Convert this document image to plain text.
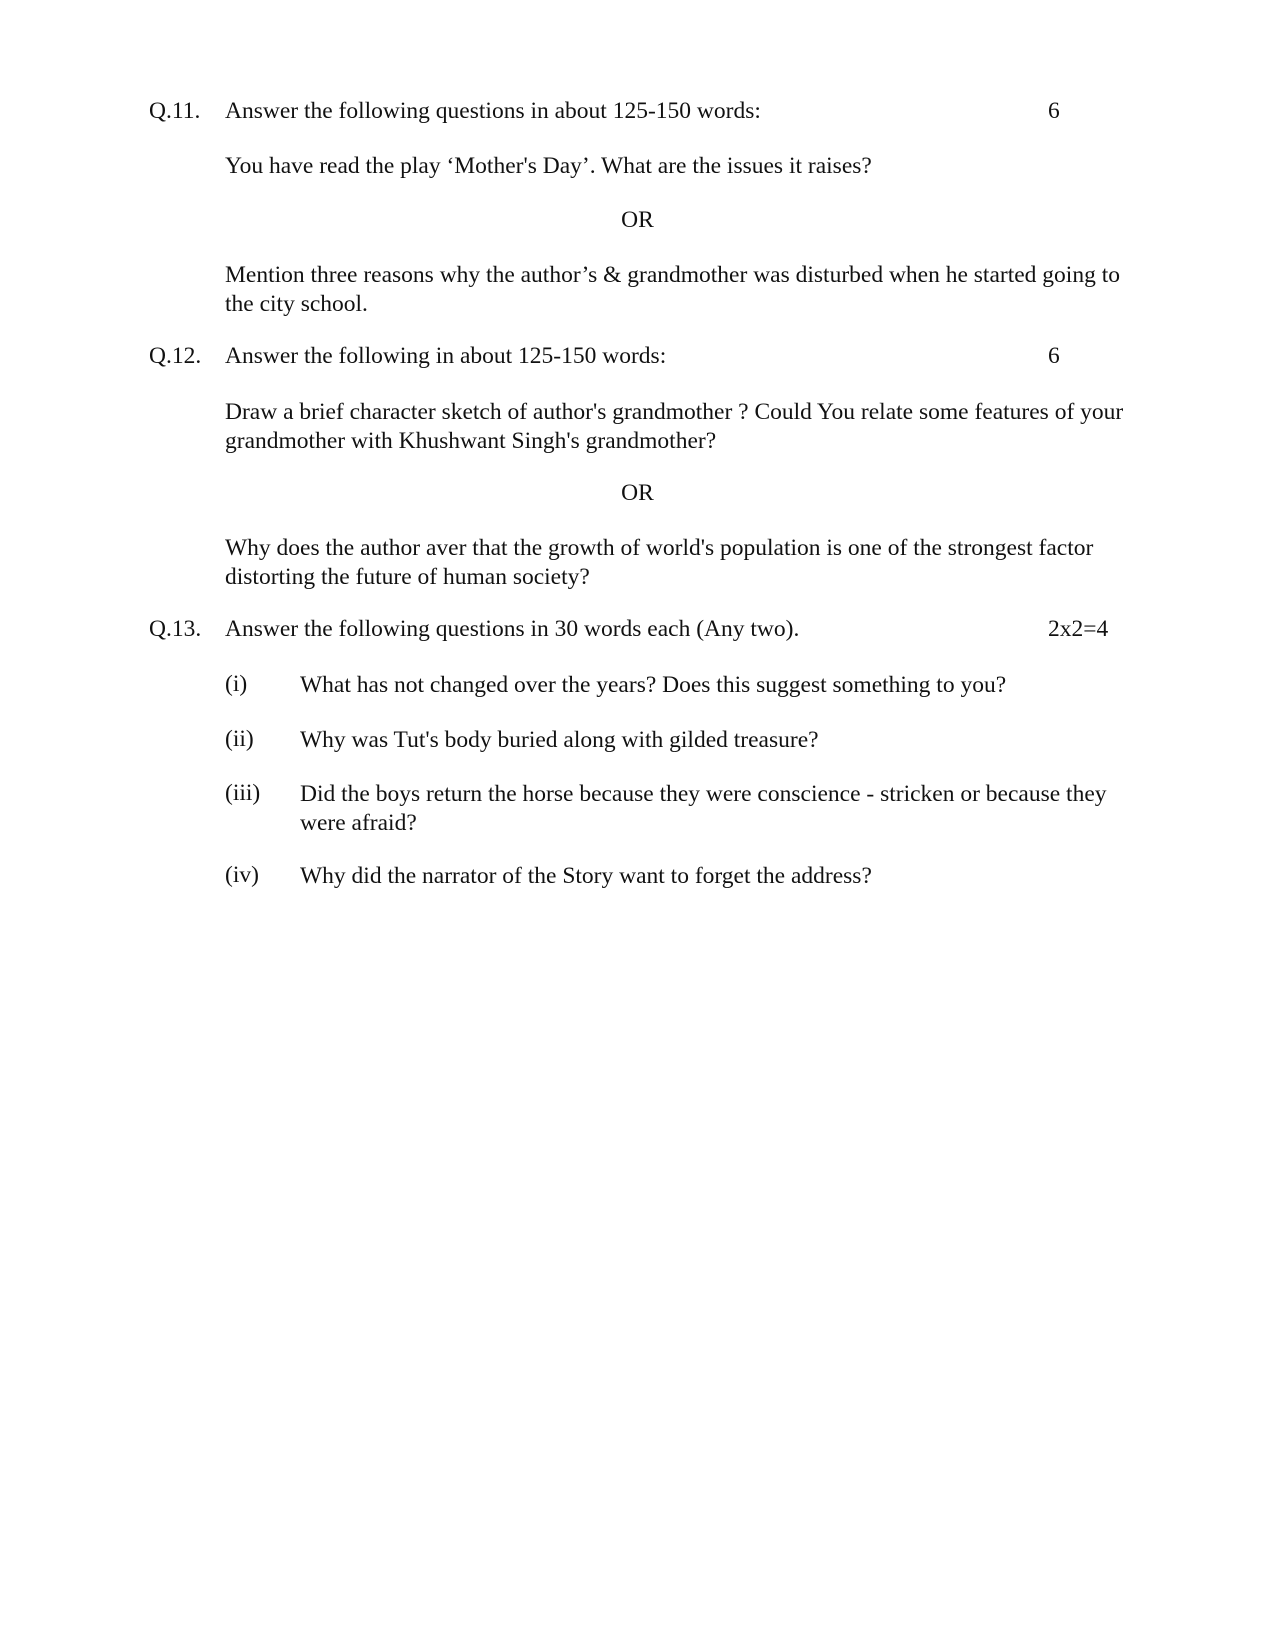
Q.11. Answer the following questions in about 125-150 words:	6
You have read the play ‘Mother's Day’. What are the issues it raises?
OR
Mention three reasons why the author’s & grandmother was disturbed when he started going to the city school.
Q.12. Answer the following in about 125-150 words:	6
Draw a brief character sketch of author's grandmother ? Could You relate some features of your grandmother with Khushwant Singh's grandmother?
OR
Why does the author aver that the growth of world's population is one of the strongest factor distorting the future of human society?
Q.13. Answer the following questions in 30 words each (Any two).	2x2=4
(i) What has not changed over the years? Does this suggest something to you?
(ii) Why was Tut's body buried along with gilded treasure?
(iii) Did the boys return the horse because they were conscience - stricken or because they were afraid?
(iv) Why did the narrator of the Story want to forget the address?
